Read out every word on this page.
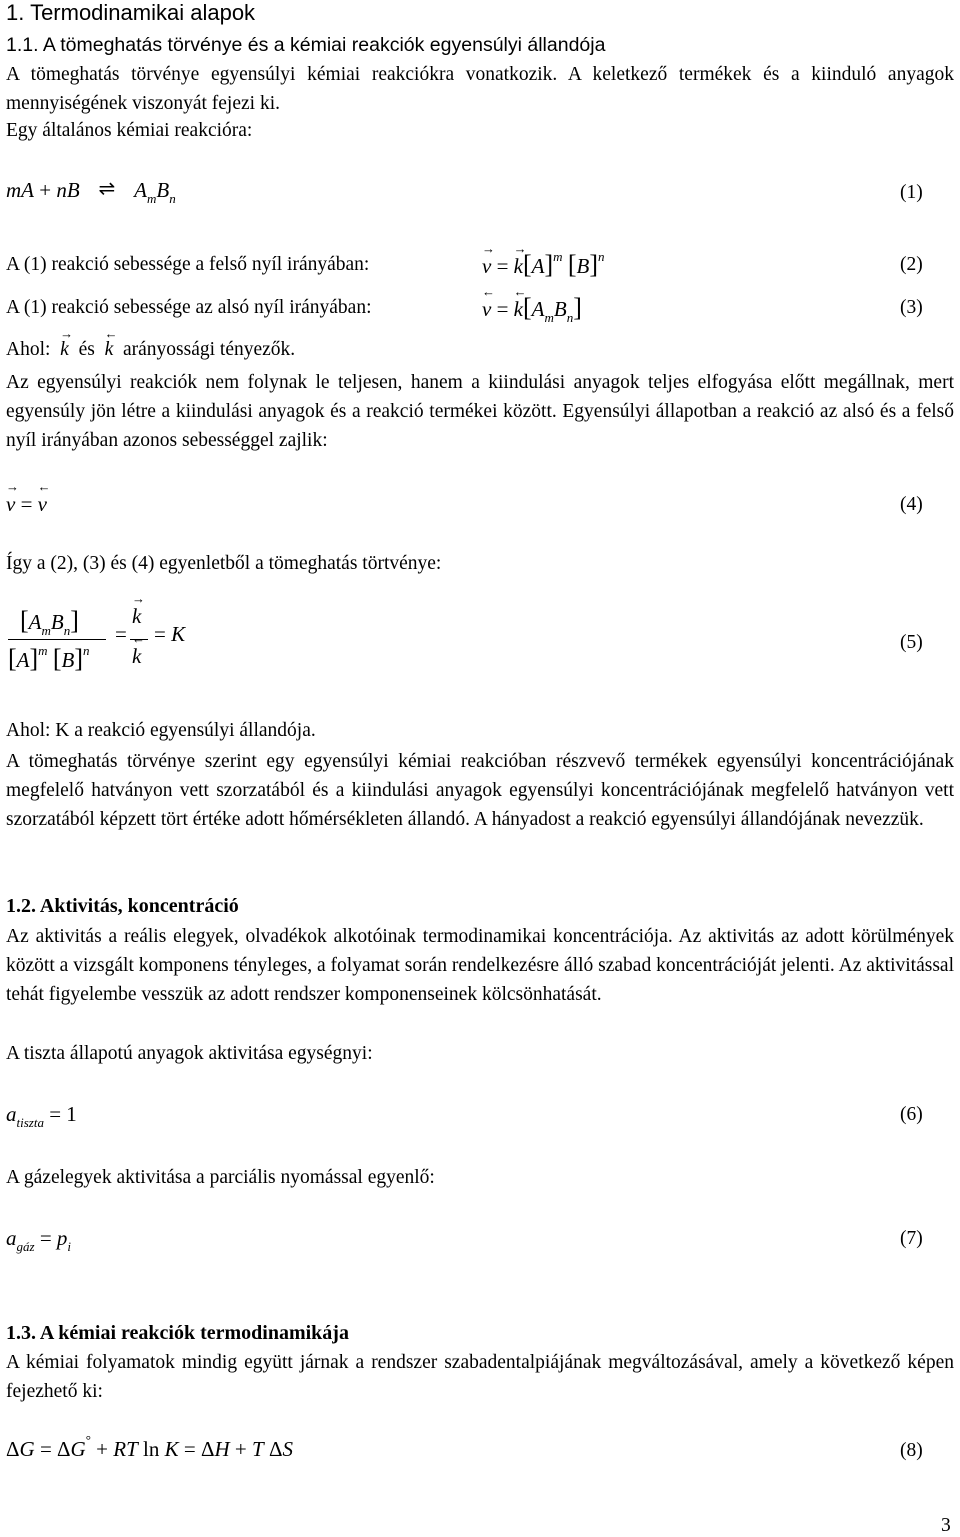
1. Termodinamikai alapok
1.1. A tömeghatás törvénye és a kémiai reakciók egyensúlyi állandója
A tömeghatás törvénye egyensúlyi kémiai reakciókra vonatkozik. A keletkező termékek és a kiinduló anyagok mennyiségének viszonyát fejezi ki.
Egy általános kémiai reakcióra:
mA + nB ⇌ $A_mB_n$	(1)
A (1) reakció sebessége a felső nyíl irányában:	→ v = → $k[A]^m$ $[B]^n$	(2)
A (1) reakció sebessége az alsó nyíl irányában:	← v = ← $k[A_mB_n]$	(3)
Ahol: → k és ← k arányossági tényezők.
Az egyensúlyi reakciók nem folynak le teljesen, hanem a kiindulási anyagok teljes elfogyása előtt megállnak, mert egyensúly jön létre a kiindulási anyagok és a reakció termékei között. Egyensúlyi állapotban a reakció az alsó és a felső nyíl irányában azonos sebességgel zajlik:
→ v = ← v	(4)
Így a (2), (3) és (4) egyenletből a tömeghatás törtvénye:
$[A_mB_n]$
$[A]^m$ $[B]^n$
=
→ k
← k
= K	(5)
Ahol: K a reakció egyensúlyi állandója.
A tömeghatás törvénye szerint egy egyensúlyi kémiai reakcióban részvevő termékek egyensúlyi koncentrációjának megfelelő hatványon vett szorzatából és a kiindulási anyagok egyensúlyi koncentrációjának megfelelő hatványon vett szorzatából képzett tört értéke adott hőmérsékleten állandó. A hányadost a reakció egyensúlyi állandójának nevezzük.
1.2. Aktivitás, koncentráció
Az aktivitás a reális elegyek, olvadékok alkotóinak termodinamikai koncentrációja. Az aktivitás az adott körülmények között a vizsgált komponens tényleges, a folyamat során rendelkezésre álló szabad koncentrációját jelenti. Az aktivitással tehát figyelembe vesszük az adott rendszer komponenseinek kölcsönhatását.
A tiszta állapotú anyagok aktivitása egységnyi:
$a_{tiszta} = 1$	(6)
A gázelegyek aktivitása a parciális nyomással egyenlő:
$a_{gáz} = p_i$	(7)
1.3. A kémiai reakciók termodinamikája
A kémiai folyamatok mindig együtt járnak a rendszer szabadentalpiájának megváltozásával, amely a következő képen fejezhető ki:
ΔG = ΔG° + RT ln K = ΔH + T ΔS	(8)
3
